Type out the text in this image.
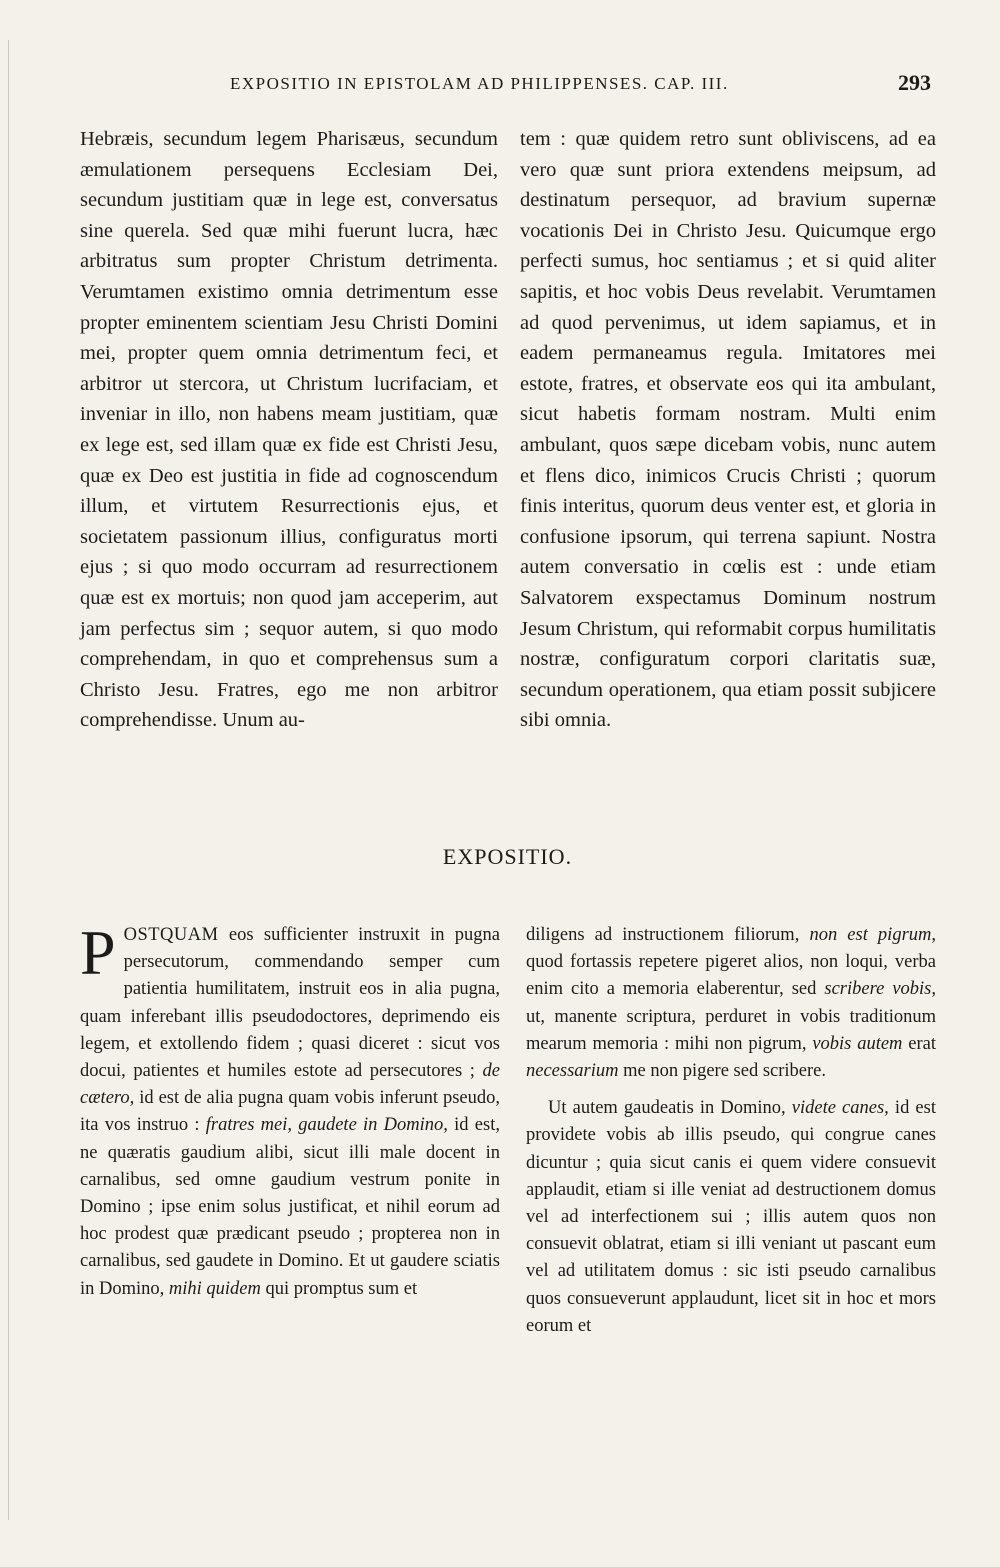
EXPOSITIO IN EPISTOLAM AD PHILIPPENSES. CAP. III.	293

Hebræis, secundum legem Pharisæus, secundum æmulationem persequens Ecclesiam Dei, secundum justitiam quæ in lege est, conversatus sine querela. Sed quæ mihi fuerunt lucra, hæc arbitratus sum propter Christum detrimenta. Verumtamen existimo omnia detrimentum esse propter eminentem scientiam Jesu Christi Domini mei, propter quem omnia detrimentum feci, et arbitror ut stercora, ut Christum lucrifaciam, et inveniar in illo, non habens meam justitiam, quæ ex lege est, sed illam quæ ex fide est Christi Jesu, quæ ex Deo est justitia in fide ad cognoscendum illum, et virtutem Resurrectionis ejus, et societatem passionum illius, configuratus morti ejus ; si quo modo occurram ad resurrectionem quæ est ex mortuis; non quod jam acceperim, aut jam perfectus sim ; sequor autem, si quo modo comprehendam, in quo et comprehensus sum a Christo Jesu. Fratres, ego me non arbitror comprehendisse. Unum au-

tem : quæ quidem retro sunt obliviscens, ad ea vero quæ sunt priora extendens meipsum, ad destinatum persequor, ad bravium supernæ vocationis Dei in Christo Jesu. Quicumque ergo perfecti sumus, hoc sentiamus ; et si quid aliter sapitis, et hoc vobis Deus revelabit. Verumtamen ad quod pervenimus, ut idem sapiamus, et in eadem permaneamus regula. Imitatores mei estote, fratres, et observate eos qui ita ambulant, sicut habetis formam nostram. Multi enim ambulant, quos sæpe dicebam vobis, nunc autem et flens dico, inimicos Crucis Christi ; quorum finis interitus, quorum deus venter est, et gloria in confusione ipsorum, qui terrena sapiunt. Nostra autem conversatio in cœlis est : unde etiam Salvatorem exspectamus Dominum nostrum Jesum Christum, qui reformabit corpus humilitatis nostræ, configuratum corpori claritatis suæ, secundum operationem, qua etiam possit subjicere sibi omnia.

EXPOSITIO.

POSTQUAM eos sufficienter instruxit in pugna persecutorum, commendando semper cum patientia humilitatem, instruit eos in alia pugna, quam inferebant illis pseudodoctores, deprimendo eis legem, et extollendo fidem ; quasi diceret : sicut vos docui, patientes et humiles estote ad persecutores ; de cætero, id est de alia pugna quam vobis inferunt pseudo, ita vos instruo : fratres mei, gaudete in Domino, id est, ne quæratis gaudium alibi, sicut illi male docent in carnalibus, sed omne gaudium vestrum ponite in Domino ; ipse enim solus justificat, et nihil eorum ad hoc prodest quæ prædicant pseudo ; propterea non in carnalibus, sed gaudete in Domino. Et ut gaudere sciatis in Domino, mihi quidem qui promptus sum et

diligens ad instructionem filiorum, non est pigrum, quod fortassis repetere pigeret alios, non loqui, verba enim cito a memoria elaberentur, sed scribere vobis, ut, manente scriptura, perduret in vobis traditionum mearum memoria : mihi non pigrum, vobis autem erat necessarium me non pigere sed scribere.

Ut autem gaudeatis in Domino, videte canes, id est providete vobis ab illis pseudo, qui congrue canes dicuntur ; quia sicut canis ei quem videre consuevit applaudit, etiam si ille veniat ad destructionem domus vel ad interfectionem sui ; illis autem quos non consuevit oblatrat, etiam si illi veniant ut pascant eum vel ad utilitatem domus : sic isti pseudo carnalibus quos consueverunt applaudunt, licet sit in hoc et mors eorum et
